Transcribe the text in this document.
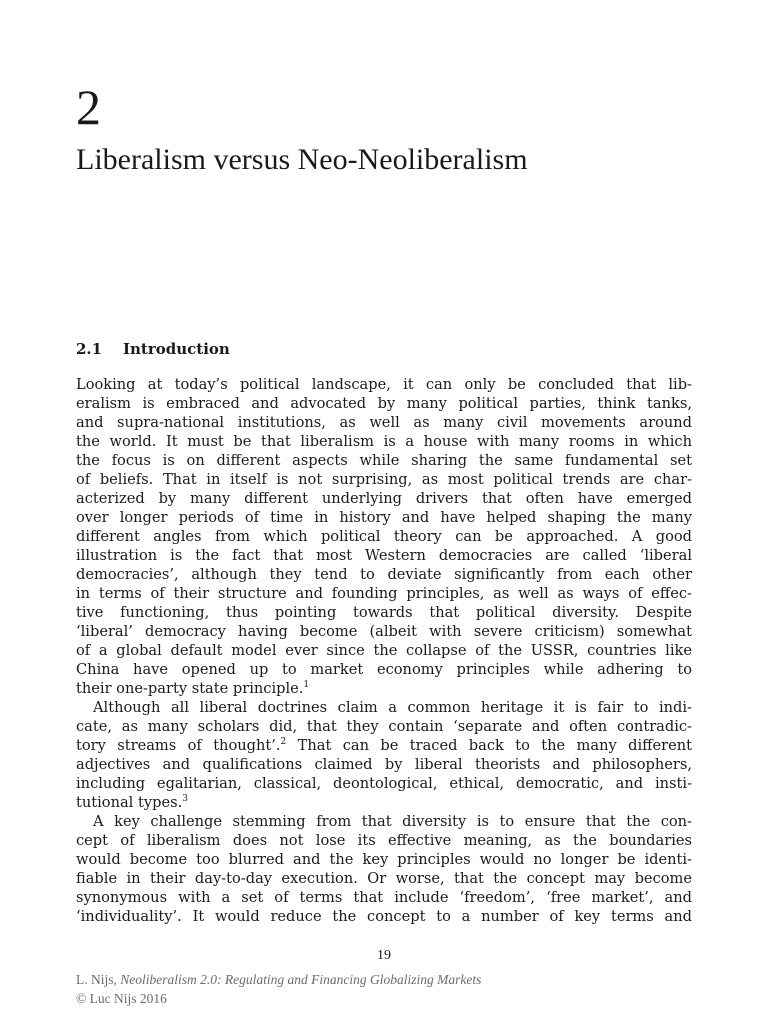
2
Liberalism versus Neo-Neoliberalism
2.1 Introduction
Looking at today’s political landscape, it can only be concluded that lib-
eralism is embraced and advocated by many political parties, think tanks,
and supra-national institutions, as well as many civil movements around
the world. It must be that liberalism is a house with many rooms in which
the focus is on different aspects while sharing the same fundamental set
of beliefs. That in itself is not surprising, as most political trends are char-
acterized by many different underlying drivers that often have emerged
over longer periods of time in history and have helped shaping the many
different angles from which political theory can be approached. A good
illustration is the fact that most Western democracies are called ‘liberal
democracies’, although they tend to deviate significantly from each other
in terms of their structure and founding principles, as well as ways of effec-
tive functioning, thus pointing towards that political diversity. Despite
‘liberal’ democracy having become (albeit with severe criticism) somewhat
of a global default model ever since the collapse of the USSR, countries like
China have opened up to market economy principles while adhering to
their one-party state principle.$^1$
Although all liberal doctrines claim a common heritage it is fair to indi-
cate, as many scholars did, that they contain ‘separate and often contradic-
tory streams of thought’.$^2$ That can be traced back to the many different
adjectives and qualifications claimed by liberal theorists and philosophers,
including egalitarian, classical, deontological, ethical, democratic, and insti-
tutional types.$^3$
A key challenge stemming from that diversity is to ensure that the con-
cept of liberalism does not lose its effective meaning, as the boundaries
would become too blurred and the key principles would no longer be identi-
fiable in their day-to-day execution. Or worse, that the concept may become
synonymous with a set of terms that include ‘freedom’, ‘free market’, and
‘individuality’. It would reduce the concept to a number of key terms and
19
L. Nijs, Neoliberalism 2.0: Regulating and Financing Globalizing Markets
© Luc Nijs 2016
